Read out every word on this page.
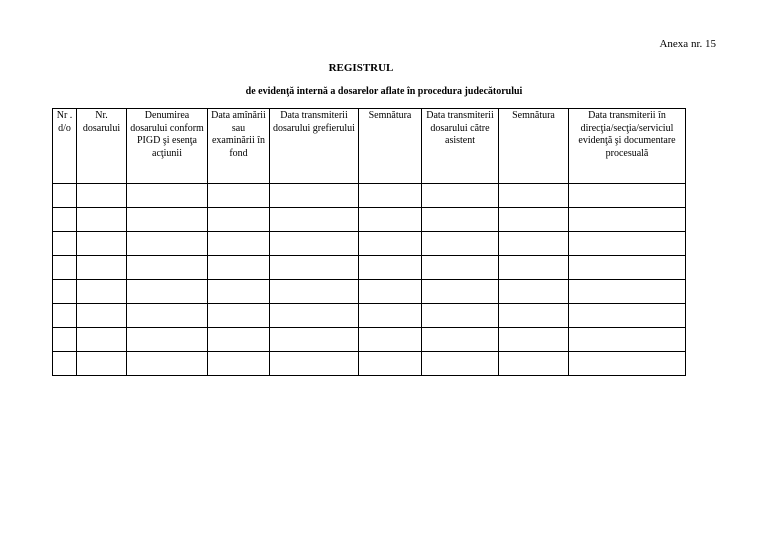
Anexa nr. 15
REGISTRUL
de evidenţă internă a dosarelor aflate în procedura judecătorului
Nr . d/o	Nr. dosarului	Denumirea dosarului conform PIGD şi esenţa acţiunii	Data amînării sau examinării în fond	Data transmiterii dosarului grefierului	Semnătura	Data transmiterii dosarului către asistent	Semnătura	Data transmiterii în direcţia/secţia/serviciul evidenţă şi documentare procesuală
